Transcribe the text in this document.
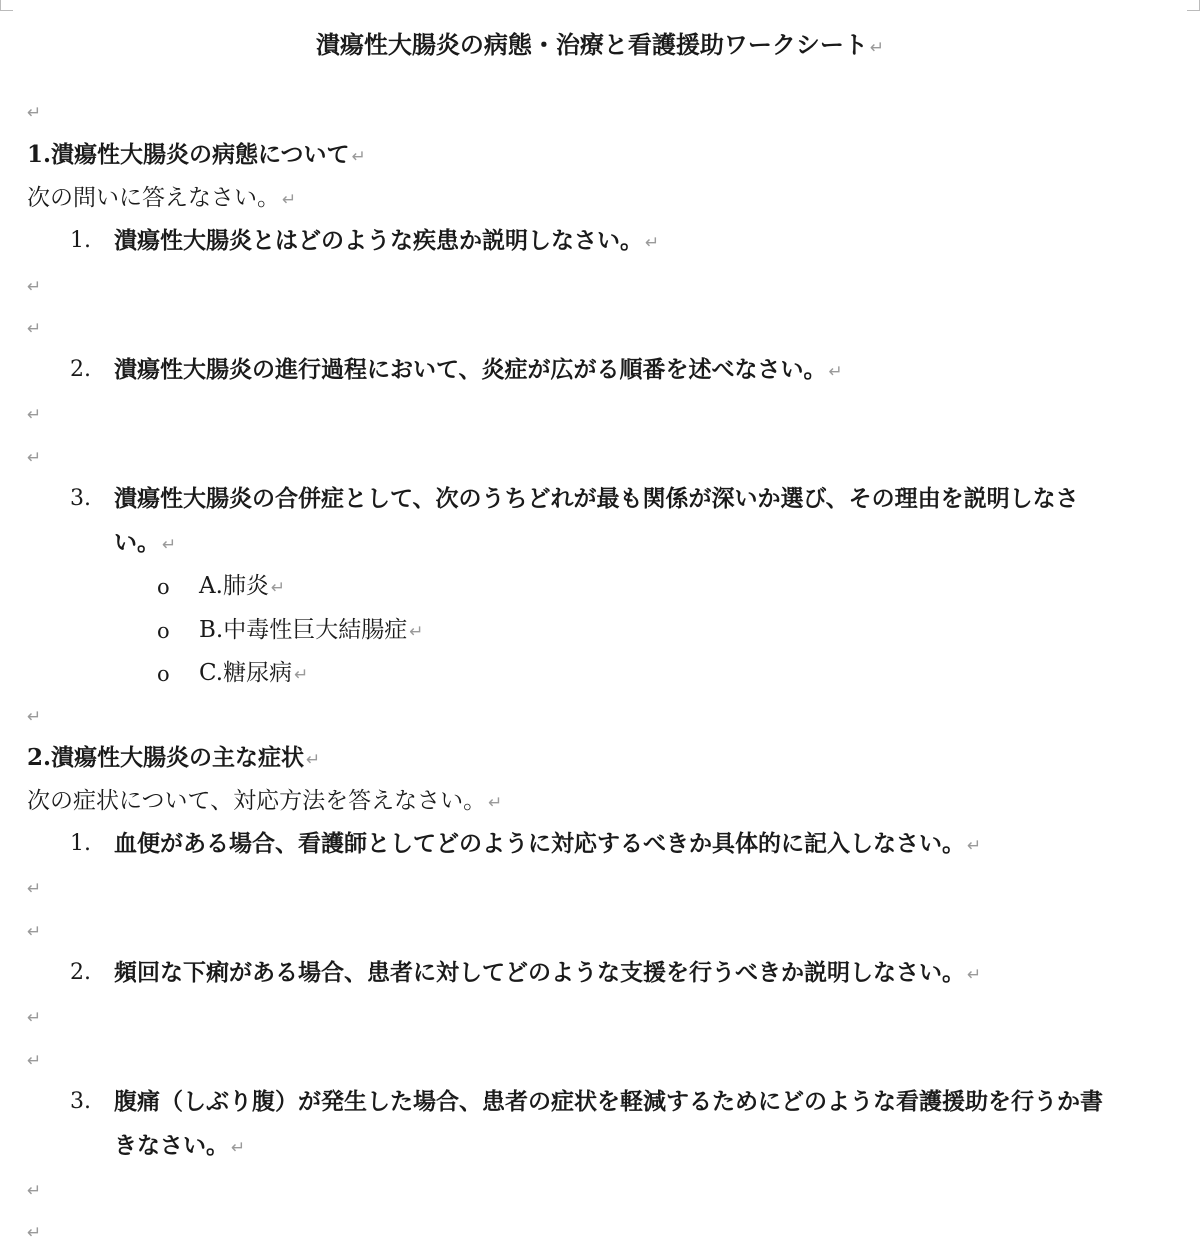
潰瘍性大腸炎の病態・治療と看護援助ワークシート ↵
↵
1.潰瘍性大腸炎の病態について ↵
次の問いに答えなさい。 ↵
1. 潰瘍性大腸炎とはどのような疾患か説明しなさい。 ↵
↵
↵
2. 潰瘍性大腸炎の進行過程において、炎症が広がる順番を述べなさい。 ↵
↵
↵
3. 潰瘍性大腸炎の合併症として、次のうちどれが最も関係が深いか選び、その理由を説明しなさ
い。 ↵
o A.肺炎 ↵
o B.中毒性巨大結腸症 ↵
o C.糖尿病 ↵
↵
2.潰瘍性大腸炎の主な症状 ↵
次の症状について、対応方法を答えなさい。 ↵
1. 血便がある場合、看護師としてどのように対応するべきか具体的に記入しなさい。 ↵
↵
↵
2. 頻回な下痢がある場合、患者に対してどのような支援を行うべきか説明しなさい。 ↵
↵
↵
3. 腹痛（しぶり腹）が発生した場合、患者の症状を軽減するためにどのような看護援助を行うか書
きなさい。 ↵
↵
↵
